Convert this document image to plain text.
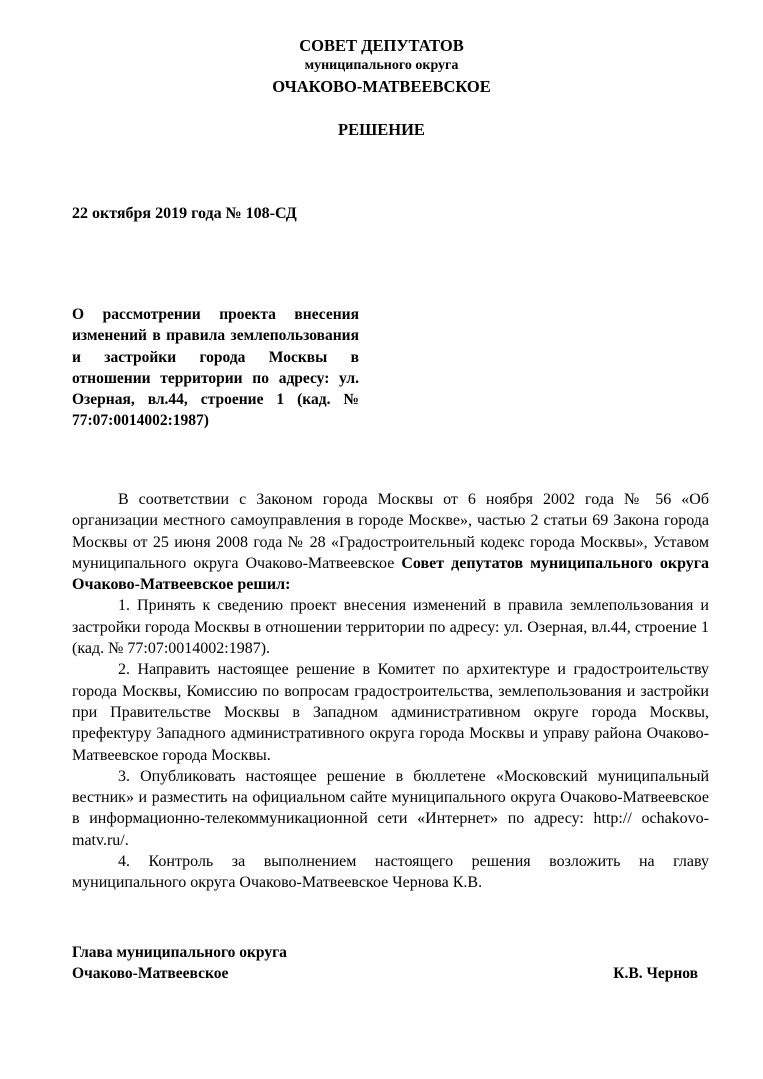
СОВЕТ ДЕПУТАТОВ
муниципального округа
ОЧАКОВО-МАТВЕЕВСКОЕ
РЕШЕНИЕ
22 октября 2019 года № 108-СД
О рассмотрении проекта внесения изменений в правила землепользования и застройки города Москвы в отношении территории по адресу: ул. Озерная, вл.44, строение 1 (кад. № 77:07:0014002:1987)

В соответствии с Законом города Москвы от 6 ноября 2002 года № 56 «Об организации местного самоуправления в городе Москве», частью 2 статьи 69 Закона города Москвы от 25 июня 2008 года № 28 «Градостроительный кодекс города Москвы», Уставом муниципального округа Очаково-Матвеевское Совет депутатов муниципального округа Очаково-Матвеевское решил:

1. Принять к сведению проект внесения изменений в правила землепользования и застройки города Москвы в отношении территории по адресу: ул. Озерная, вл.44, строение 1 (кад. № 77:07:0014002:1987).

2. Направить настоящее решение в Комитет по архитектуре и градостроительству города Москвы, Комиссию по вопросам градостроительства, землепользования и застройки при Правительстве Москвы в Западном административном округе города Москвы, префектуру Западного административного округа города Москвы и управу района Очаково-Матвеевское города Москвы.

3. Опубликовать настоящее решение в бюллетене «Московский муниципальный вестник» и разместить на официальном сайте муниципального округа Очаково-Матвеевское в информационно-телекоммуникационной сети «Интернет» по адресу: http:// ochakovo-matv.ru/.

4. Контроль за выполнением настоящего решения возложить на главу муниципального округа Очаково-Матвеевское Чернова К.В.

Глава муниципального округа
Очаково-Матвеевское	К.В. Чернов
